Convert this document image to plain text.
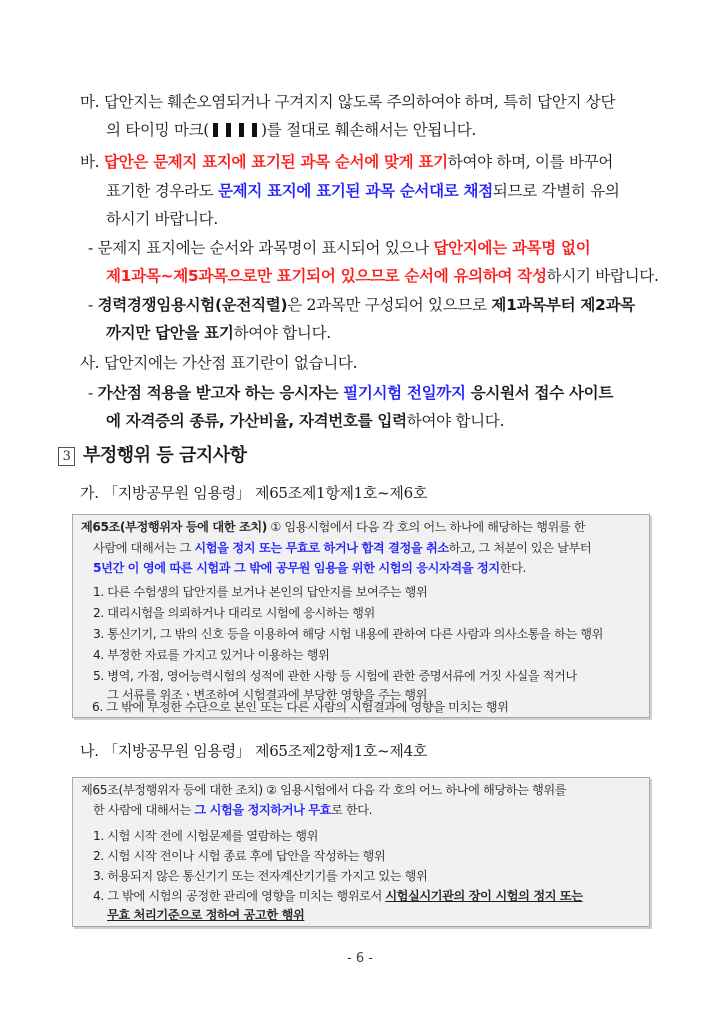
마. 답안지는 훼손오염되거나 구겨지지 않도록 주의하여야 하며, 특히 답안지 상단
의 타이밍 마크(	)를 절대로 훼손해서는 안됩니다.
바. 답안은 문제지 표지에 표기된 과목 순서에 맞게 표기하여야 하며, 이를 바꾸어
표기한 경우라도 문제지 표지에 표기된 과목 순서대로 채점되므로 각별히 유의
하시기 바랍니다.
- 문제지 표지에는 순서와 과목명이 표시되어 있으나 답안지에는 과목명 없이
제1과목~제5과목으로만 표기되어 있으므로 순서에 유의하여 작성하시기 바랍니다.
- 경력경쟁임용시험(운전직렬)은 2과목만 구성되어 있으므로 제1과목부터 제2과목
까지만 답안을 표기하여야 합니다.
사. 답안지에는 가산점 표기란이 없습니다.
- 가산점 적용을 받고자 하는 응시자는 필기시험 전일까지 응시원서 접수 사이트
에 자격증의 종류, 가산비율, 자격번호를 입력하여야 합니다.
3 부정행위 등 금지사항
가. 「지방공무원 임용령」 제65조제1항제1호~제6호
제65조(부정행위자 등에 대한 조치) ① 임용시험에서 다음 각 호의 어느 하나에 해당하는 행위를 한
사람에 대해서는 그 시험을 정지 또는 무효로 하거나 합격 결정을 취소하고, 그 처분이 있은 날부터
5년간 이 영에 따른 시험과 그 밖에 공무원 임용을 위한 시험의 응시자격을 정지한다.
1. 다른 수험생의 답안지를 보거나 본인의 답안지를 보여주는 행위
2. 대리시험을 의뢰하거나 대리로 시험에 응시하는 행위
3. 통신기기, 그 밖의 신호 등을 이용하여 해당 시험 내용에 관하여 다른 사람과 의사소통을 하는 행위
4. 부정한 자료를 가지고 있거나 이용하는 행위
5. 병역, 가점, 영어능력시험의 성적에 관한 사항 등 시험에 관한 증명서류에 거짓 사실을 적거나
그 서류를 위조ㆍ변조하여 시험결과에 부당한 영향을 주는 행위
6. 그 밖에 부정한 수단으로 본인 또는 다른 사람의 시험결과에 영향을 미치는 행위
나. 「지방공무원 임용령」 제65조제2항제1호~제4호
제65조(부정행위자 등에 대한 조치) ② 임용시험에서 다음 각 호의 어느 하나에 해당하는 행위를
한 사람에 대해서는 그 시험을 정지하거나 무효로 한다.
1. 시험 시작 전에 시험문제를 열람하는 행위
2. 시험 시작 전이나 시험 종료 후에 답안을 작성하는 행위
3. 허용되지 않은 통신기기 또는 전자계산기기를 가지고 있는 행위
4. 그 밖에 시험의 공정한 관리에 영향을 미치는 행위로서 시험실시기관의 장이 시험의 정지 또는
무효 처리기준으로 정하여 공고한 행위
- 6 -
